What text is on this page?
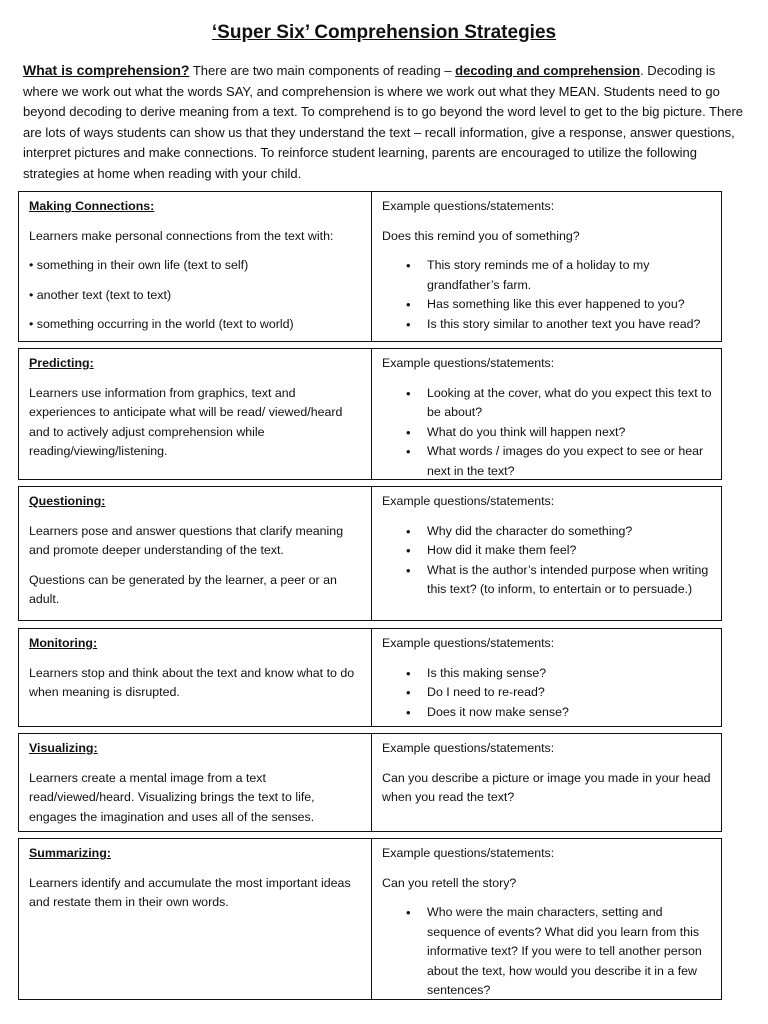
‘Super Six’ Comprehension Strategies
What is comprehension? There are two main components of reading – decoding and comprehension. Decoding is where we work out what the words SAY, and comprehension is where we work out what they MEAN. Students need to go beyond decoding to derive meaning from a text. To comprehend is to go beyond the word level to get to the big picture. There are lots of ways students can show us that they understand the text – recall information, give a response, answer questions, interpret pictures and make connections. To reinforce student learning, parents are encouraged to utilize the following strategies at home when reading with your child.
Making Connections:
Learners make personal connections from the text with:
• something in their own life (text to self)
• another text (text to text)
• something occurring in the world (text to world)
Example questions/statements:
Does this remind you of something?
• This story reminds me of a holiday to my grandfather’s farm.
• Has something like this ever happened to you?
• Is this story similar to another text you have read?
Predicting:
Learners use information from graphics, text and experiences to anticipate what will be read/ viewed/heard and to actively adjust comprehension while reading/viewing/listening.
Example questions/statements:
• Looking at the cover, what do you expect this text to be about?
• What do you think will happen next?
• What words / images do you expect to see or hear next in the text?
Questioning:
Learners pose and answer questions that clarify meaning and promote deeper understanding of the text.
Questions can be generated by the learner, a peer or an adult.
Example questions/statements:
• Why did the character do something?
• How did it make them feel?
• What is the author’s intended purpose when writing this text? (to inform, to entertain or to persuade.)
Monitoring:
Learners stop and think about the text and know what to do when meaning is disrupted.
Example questions/statements:
• Is this making sense?
• Do I need to re-read?
• Does it now make sense?
Visualizing:
Learners create a mental image from a text read/viewed/heard. Visualizing brings the text to life, engages the imagination and uses all of the senses.
Example questions/statements:
Can you describe a picture or image you made in your head when you read the text?
Summarizing:
Learners identify and accumulate the most important ideas and restate them in their own words.
Example questions/statements:
Can you retell the story?
• Who were the main characters, setting and sequence of events? What did you learn from this informative text? If you were to tell another person about the text, how would you describe it in a few sentences?
